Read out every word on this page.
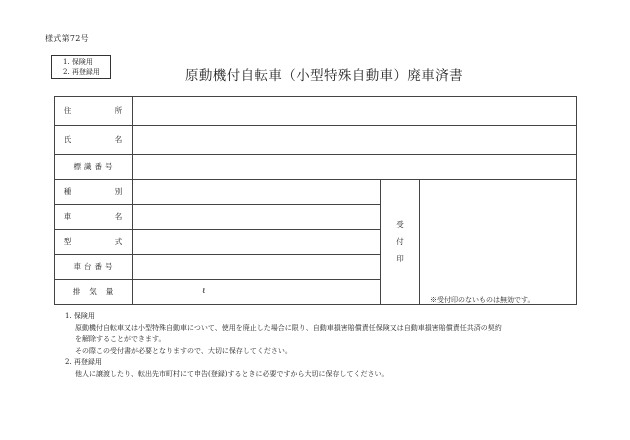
様式第72号
1. 保険用
2. 再登録用	原動機付自転車（小型特殊自動車）廃車済書
住　所
氏　名
標識番号
種　別
車　名
型　式
車台番号
排気量	ℓ
受
付
印
※受付印のないものは無効です。
1. 保険用
原動機付自転車又は小型特殊自動車について、使用を廃止した場合に限り、自動車損害賠償責任保険又は自動車損害賠償責任共済の契約
を解除することができます。
その際この受付書が必要となりますので、大切に保存してください。
2. 再登録用
他人に譲渡したり、転出先市町村にて申告(登録)するときに必要ですから大切に保存してください。
